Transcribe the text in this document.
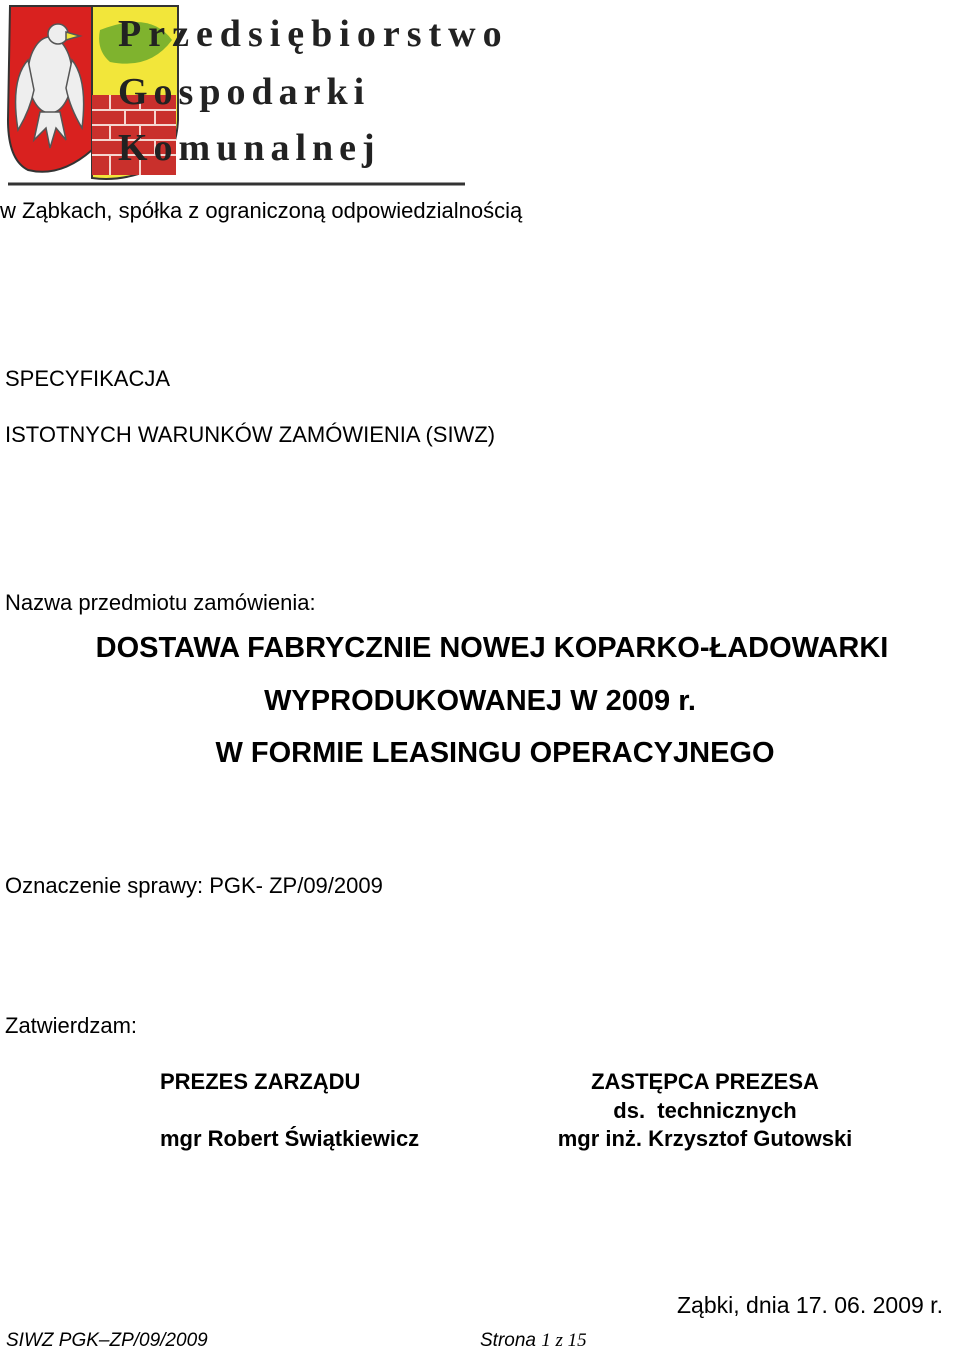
Przedsiębiorstwo
Gospodarki
Komunalnej
w Ząbkach, spółka z ograniczoną odpowiedzialnością
SPECYFIKACJA
ISTOTNYCH WARUNKÓW ZAMÓWIENIA (SIWZ)
Nazwa przedmiotu zamówienia:
DOSTAWA FABRYCZNIE NOWEJ KOPARKO-ŁADOWARKI
WYPRODUKOWANEJ W 2009 r.
W FORMIE LEASINGU OPERACYJNEGO
Oznaczenie sprawy: PGK- ZP/09/2009
Zatwierdzam:
PREZES ZARZĄDU
mgr Robert Świątkiewicz
ZASTĘPCA PREZESA
ds.  technicznych
mgr inż. Krzysztof Gutowski
Ząbki, dnia 17. 06. 2009 r.
SIWZ PGK–ZP/09/2009	Strona 1 z 15
